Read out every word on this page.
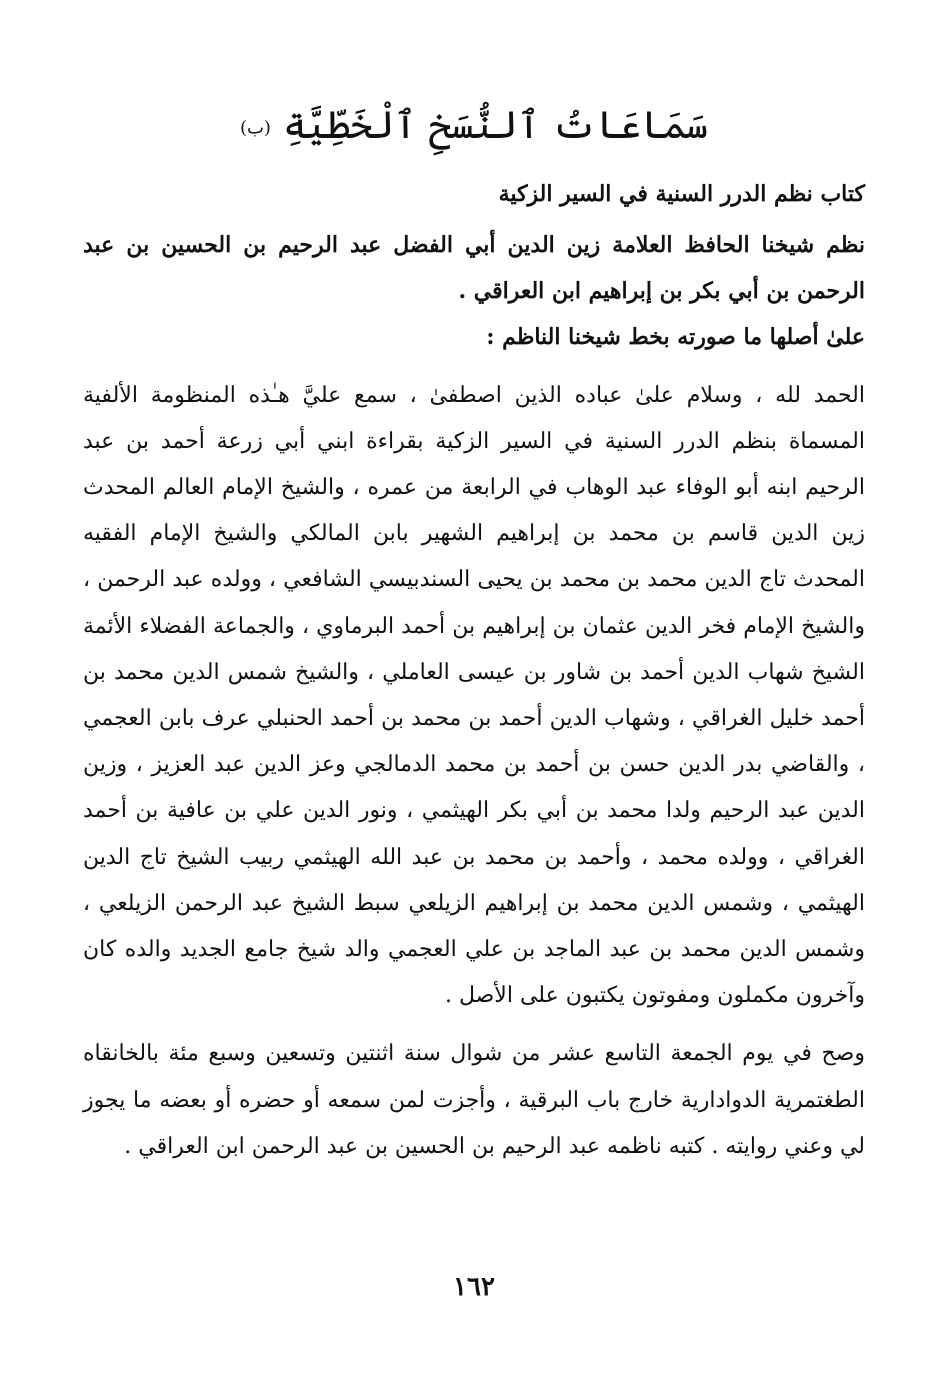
سَمَاعَاتُ ٱلنُّسَخِ ٱلْخَطِّيَّةِ (ب)
كتاب نظم الدرر السنية في السير الزكية

نظم شيخنا الحافظ العلامة زين الدين أبي الفضل عبد الرحيم بن الحسين بن عبد الرحمن بن أبي بكر بن إبراهيم ابن العراقي .

علىٰ أصلها ما صورته بخط شيخنا الناظم :

الحمد لله ، وسلام علىٰ عباده الذين اصطفىٰ ، سمع عليَّ هـٰذه المنظومة الألفية المسماة بنظم الدرر السنية في السير الزكية بقراءة ابني أبي زرعة أحمد بن عبد الرحيم ابنه أبو الوفاء عبد الوهاب في الرابعة من عمره ، والشيخ الإمام العالم المحدث زين الدين قاسم بن محمد بن إبراهيم الشهير بابن المالكي والشيخ الإمام الفقيه المحدث تاج الدين محمد بن محمد بن يحيى السندبيسي الشافعي ، وولده عبد الرحمن ، والشيخ الإمام فخر الدين عثمان بن إبراهيم بن أحمد البرماوي ، والجماعة الفضلاء الأئمة الشيخ شهاب الدين أحمد بن شاور بن عيسى العاملي ، والشيخ شمس الدين محمد بن أحمد خليل الغراقي ، وشهاب الدين أحمد بن محمد بن أحمد الحنبلي عرف بابن العجمي ، والقاضي بدر الدين حسن بن أحمد بن محمد الدمالجي وعز الدين عبد العزيز ، وزين الدين عبد الرحيم ولدا محمد بن أبي بكر الهيثمي ، ونور الدين علي بن عافية بن أحمد الغراقي ، وولده محمد ، وأحمد بن محمد بن عبد الله الهيثمي ربيب الشيخ تاج الدين الهيثمي ، وشمس الدين محمد بن إبراهيم الزيلعي سبط الشيخ عبد الرحمن الزيلعي ، وشمس الدين محمد بن عبد الماجد بن علي العجمي والد شيخ جامع الجديد والده كان وآخرون مكملون ومفوتون يكتبون على الأصل .

وصح في يوم الجمعة التاسع عشر من شوال سنة اثنتين وتسعين وسبع مئة بالخانقاه الطغتمرية الدوادارية خارج باب البرقية ، وأجزت لمن سمعه أو حضره أو بعضه ما يجوز لي وعني روايته . كتبه ناظمه عبد الرحيم بن الحسين بن عبد الرحمن ابن العراقي .

١٦٢
